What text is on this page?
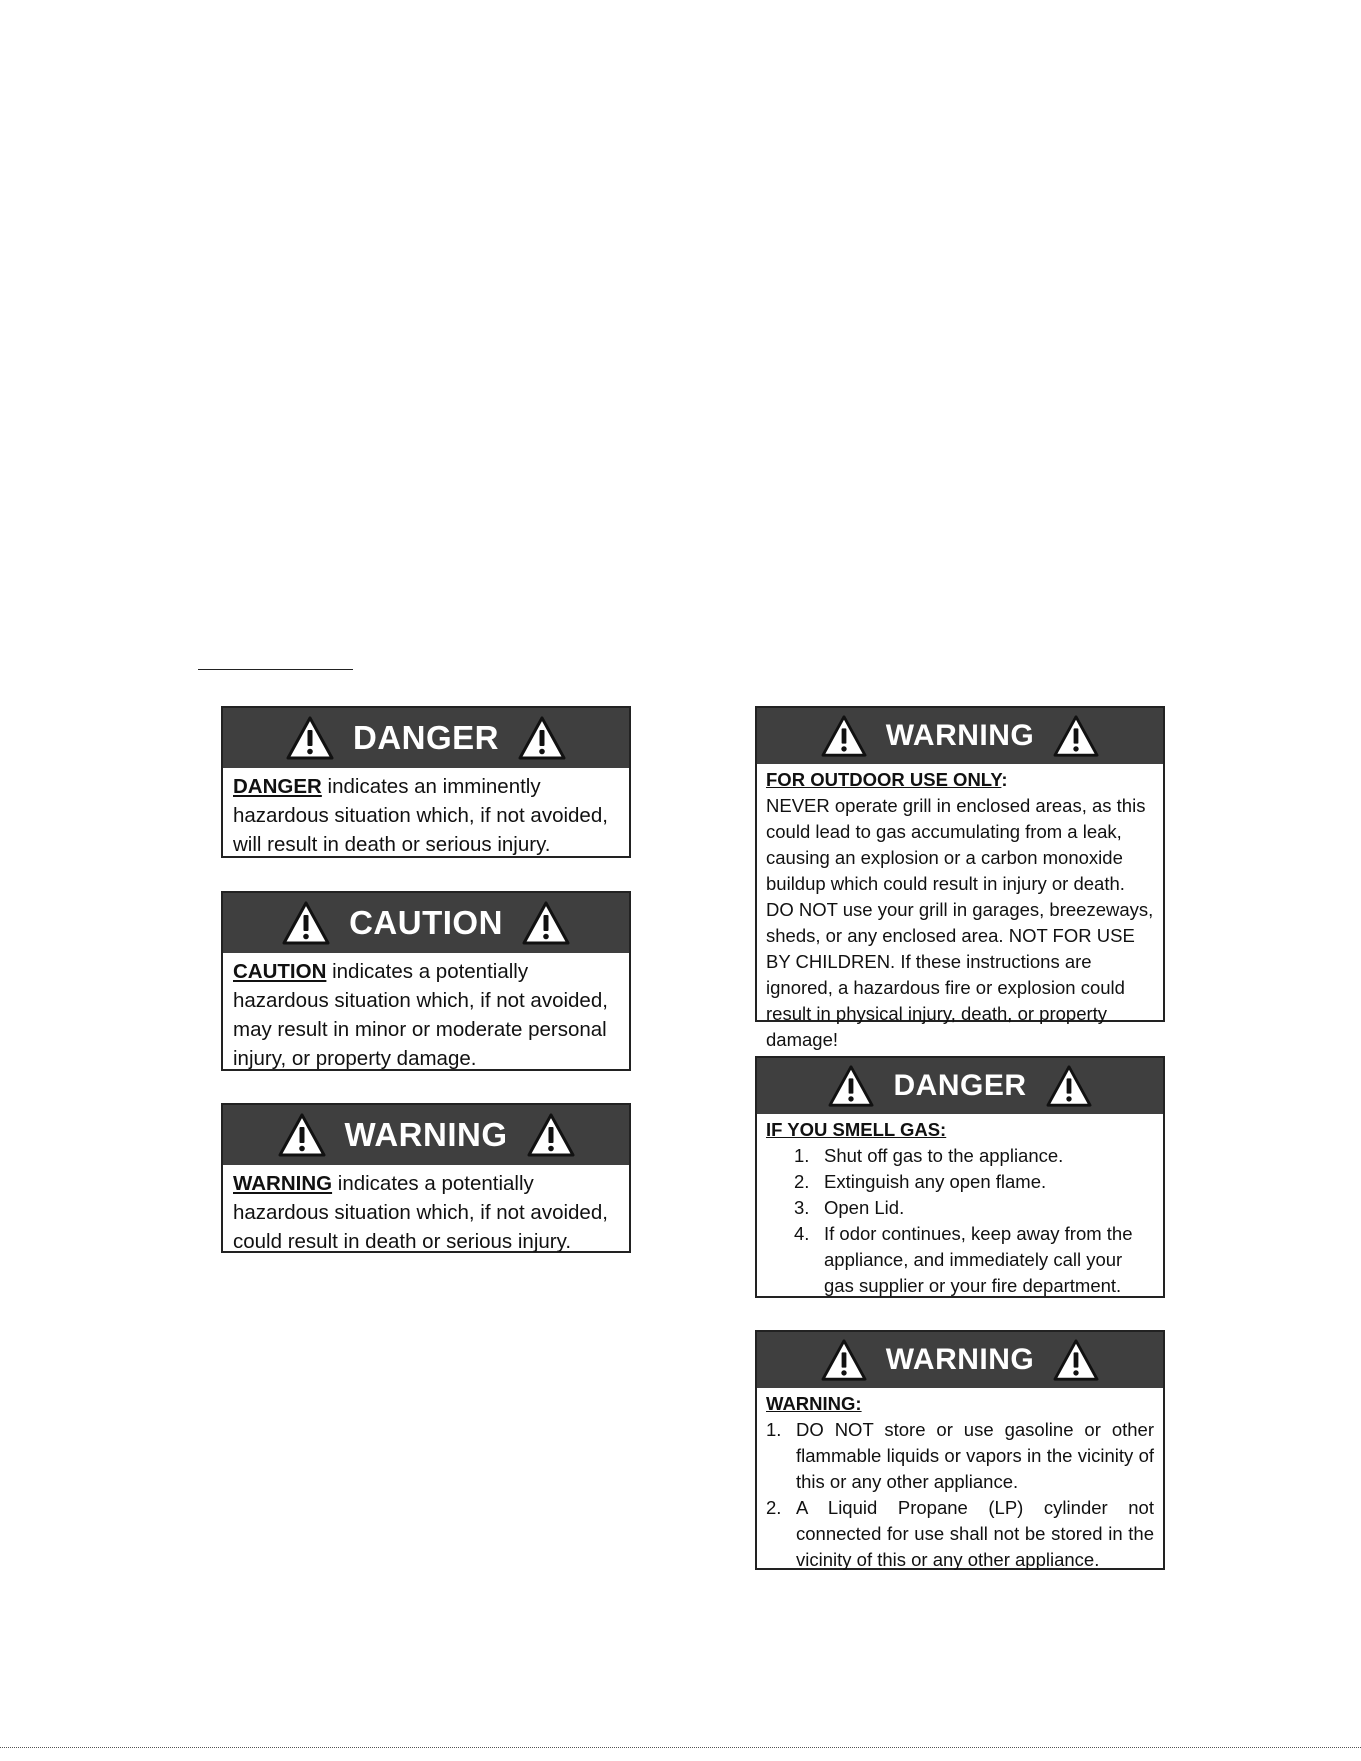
DANGER
DANGER indicates an imminently hazardous situation which, if not avoided, will result in death or serious injury.
CAUTION
CAUTION indicates a potentially hazardous situation which, if not avoided, may result in minor or moderate personal injury, or property damage.
WARNING
WARNING indicates a potentially hazardous situation which, if not avoided, could result in death or serious injury.
WARNING
FOR OUTDOOR USE ONLY:
NEVER operate grill in enclosed areas, as this could lead to gas accumulating from a leak, causing an explosion or a carbon monoxide buildup which could result in injury or death. DO NOT use your grill in garages, breezeways, sheds, or any enclosed area. NOT FOR USE BY CHILDREN. If these instructions are ignored, a hazardous fire or explosion could result in physical injury, death, or property damage!
DANGER
IF YOU SMELL GAS:
1. Shut off gas to the appliance.
2. Extinguish any open flame.
3. Open Lid.
4. If odor continues, keep away from the appliance, and immediately call your gas supplier or your fire department.
WARNING
WARNING:
1. DO NOT store or use gasoline or other flammable liquids or vapors in the vicinity of this or any other appliance.
2. A Liquid Propane (LP) cylinder not connected for use shall not be stored in the vicinity of this or any other appliance.
